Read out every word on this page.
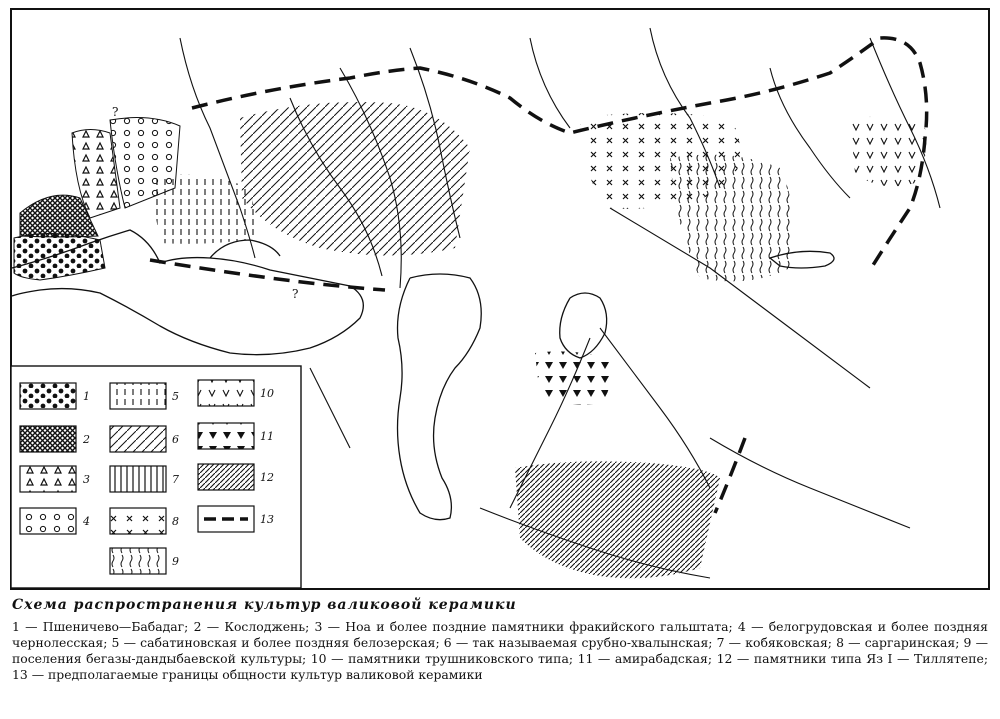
?
?
1
2
3
4
5
6
7
8
9
10
11
12
13
Схема распространения культур валиковой керамики
1 — Пшеничево—Бабадаг; 2 — Кослоджень; 3 — Ноа и более поздние памятники фракийского гальштата; 4 — белогрудовская и более поздняя чернолесская; 5 — сабатиновская и более поздняя белозерская; 6 — так называемая срубно-хвалынская; 7 — кобяковская; 8 — саргаринская; 9 — поселения бегазы-дандыбаевской культуры; 10 — памятники трушниковского типа; 11 — амирабадская; 12 — памятники типа Яз I — Тиллятепе; 13 — предполагаемые границы общности культур валиковой керамики
